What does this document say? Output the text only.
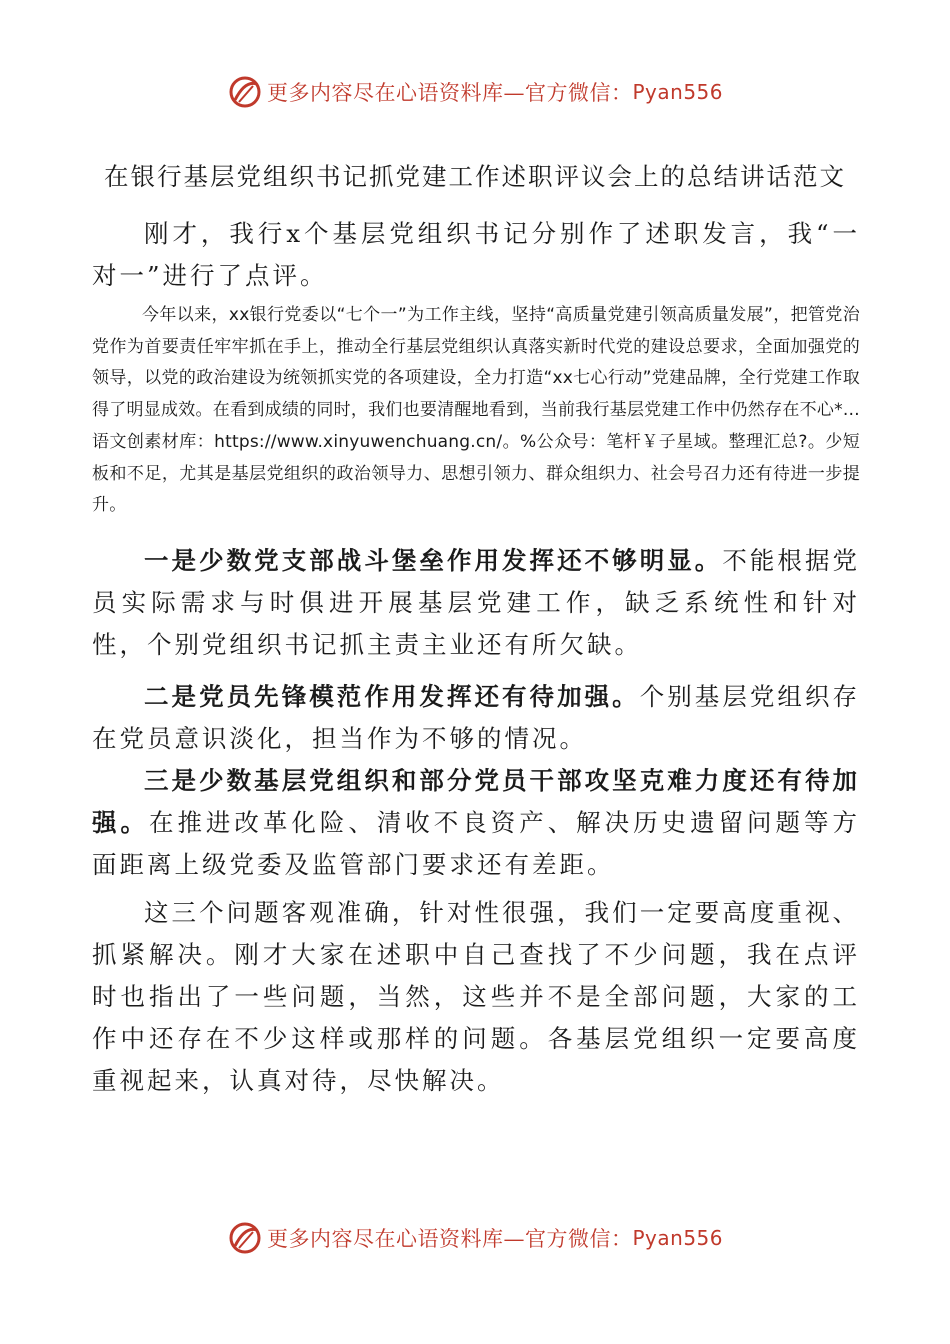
更多内容尽在心语资料库—官方微信： Pyan556
在银行基层党组织书记抓党建工作述职评议会上的总结讲话范文

刚才，我行x个基层党组织书记分别作了述职发言，我“一对一”进行了点评。

今年以来，xx银行党委以“七个一”为工作主线，坚持“高质量党建引领高质量发展”，把管党治党作为首要责任牢牢抓在手上，推动全行基层党组织认真落实新时代党的建设总要求，全面加强党的领导，以党的政治建设为统领抓实党的各项建设，全力打造“xx七心行动”党建品牌，全行党建工作取得了明显成效。在看到成绩的同时，我们也要清醒地看到，当前我行基层党建工作中仍然存在不心*…语文创素材库：https://www.xinyuwenchuang.cn/。%公众号：笔杆￥子星域。整理汇总?。少短板和不足，尤其是基层党组织的政治领导力、思想引领力、群众组织力、社会号召力还有待进一步提升。

一是少数党支部战斗堡垒作用发挥还不够明显。不能根据党员实际需求与时俱进开展基层党建工作，缺乏系统性和针对性，个别党组织书记抓主责主业还有所欠缺。

二是党员先锋模范作用发挥还有待加强。个别基层党组织存在党员意识淡化，担当作为不够的情况。

三是少数基层党组织和部分党员干部攻坚克难力度还有待加强。在推进改革化险、清收不良资产、解决历史遗留问题等方面距离上级党委及监管部门要求还有差距。

这三个问题客观准确，针对性很强，我们一定要高度重视、抓紧解决。刚才大家在述职中自己查找了不少问题，我在点评时也指出了一些问题，当然，这些并不是全部问题，大家的工作中还存在不少这样或那样的问题。各基层党组织一定要高度重视起来，认真对待，尽快解决。

更多内容尽在心语资料库—官方微信： Pyan556
